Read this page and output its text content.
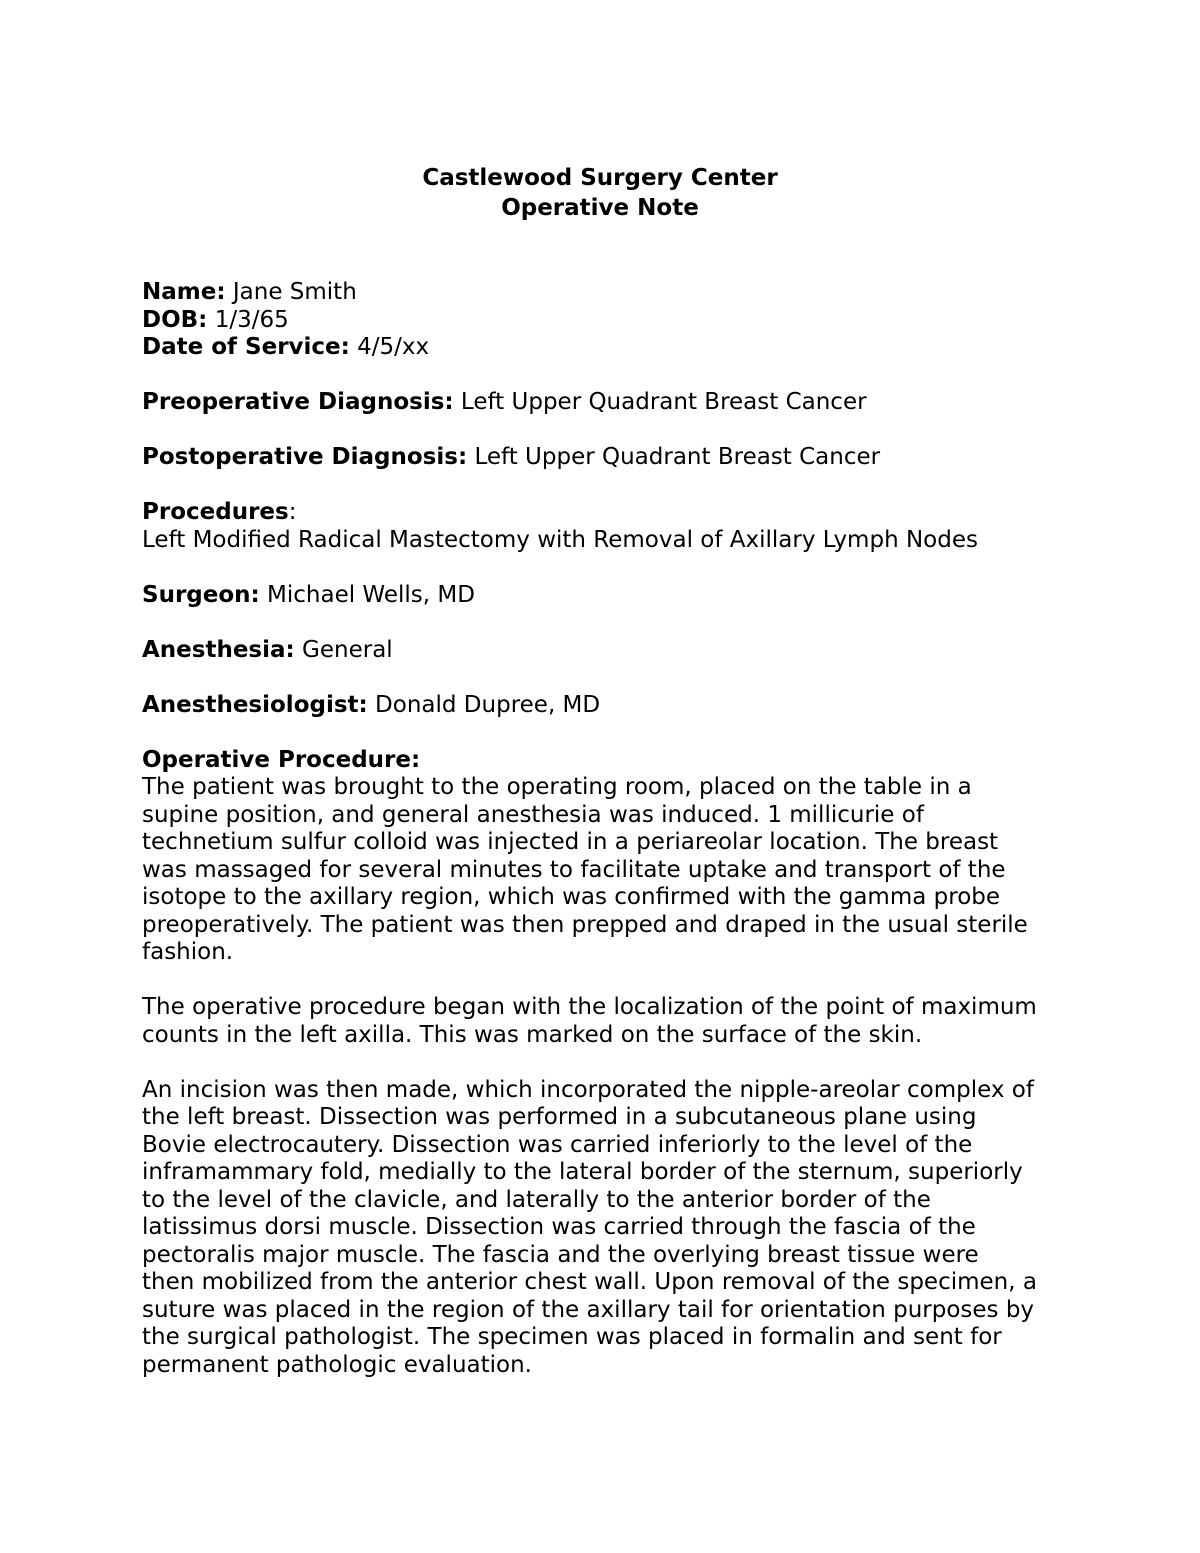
Castlewood Surgery Center
Operative Note
Name: Jane Smith
DOB: 1/3/65
Date of Service: 4/5/xx
Preoperative Diagnosis: Left Upper Quadrant Breast Cancer
Postoperative Diagnosis: Left Upper Quadrant Breast Cancer
Procedures:
Left Modified Radical Mastectomy with Removal of Axillary Lymph Nodes
Surgeon: Michael Wells, MD
Anesthesia: General
Anesthesiologist: Donald Dupree, MD
Operative Procedure:
The patient was brought to the operating room, placed on the table in a
supine position, and general anesthesia was induced. 1 millicurie of
technetium sulfur colloid was injected in a periareolar location. The breast
was massaged for several minutes to facilitate uptake and transport of the
isotope to the axillary region, which was confirmed with the gamma probe
preoperatively. The patient was then prepped and draped in the usual sterile
fashion.
The operative procedure began with the localization of the point of maximum
counts in the left axilla. This was marked on the surface of the skin.
An incision was then made, which incorporated the nipple-areolar complex of
the left breast. Dissection was performed in a subcutaneous plane using
Bovie electrocautery. Dissection was carried inferiorly to the level of the
inframammary fold, medially to the lateral border of the sternum, superiorly
to the level of the clavicle, and laterally to the anterior border of the
latissimus dorsi muscle. Dissection was carried through the fascia of the
pectoralis major muscle. The fascia and the overlying breast tissue were
then mobilized from the anterior chest wall. Upon removal of the specimen, a
suture was placed in the region of the axillary tail for orientation purposes by
the surgical pathologist. The specimen was placed in formalin and sent for
permanent pathologic evaluation.
